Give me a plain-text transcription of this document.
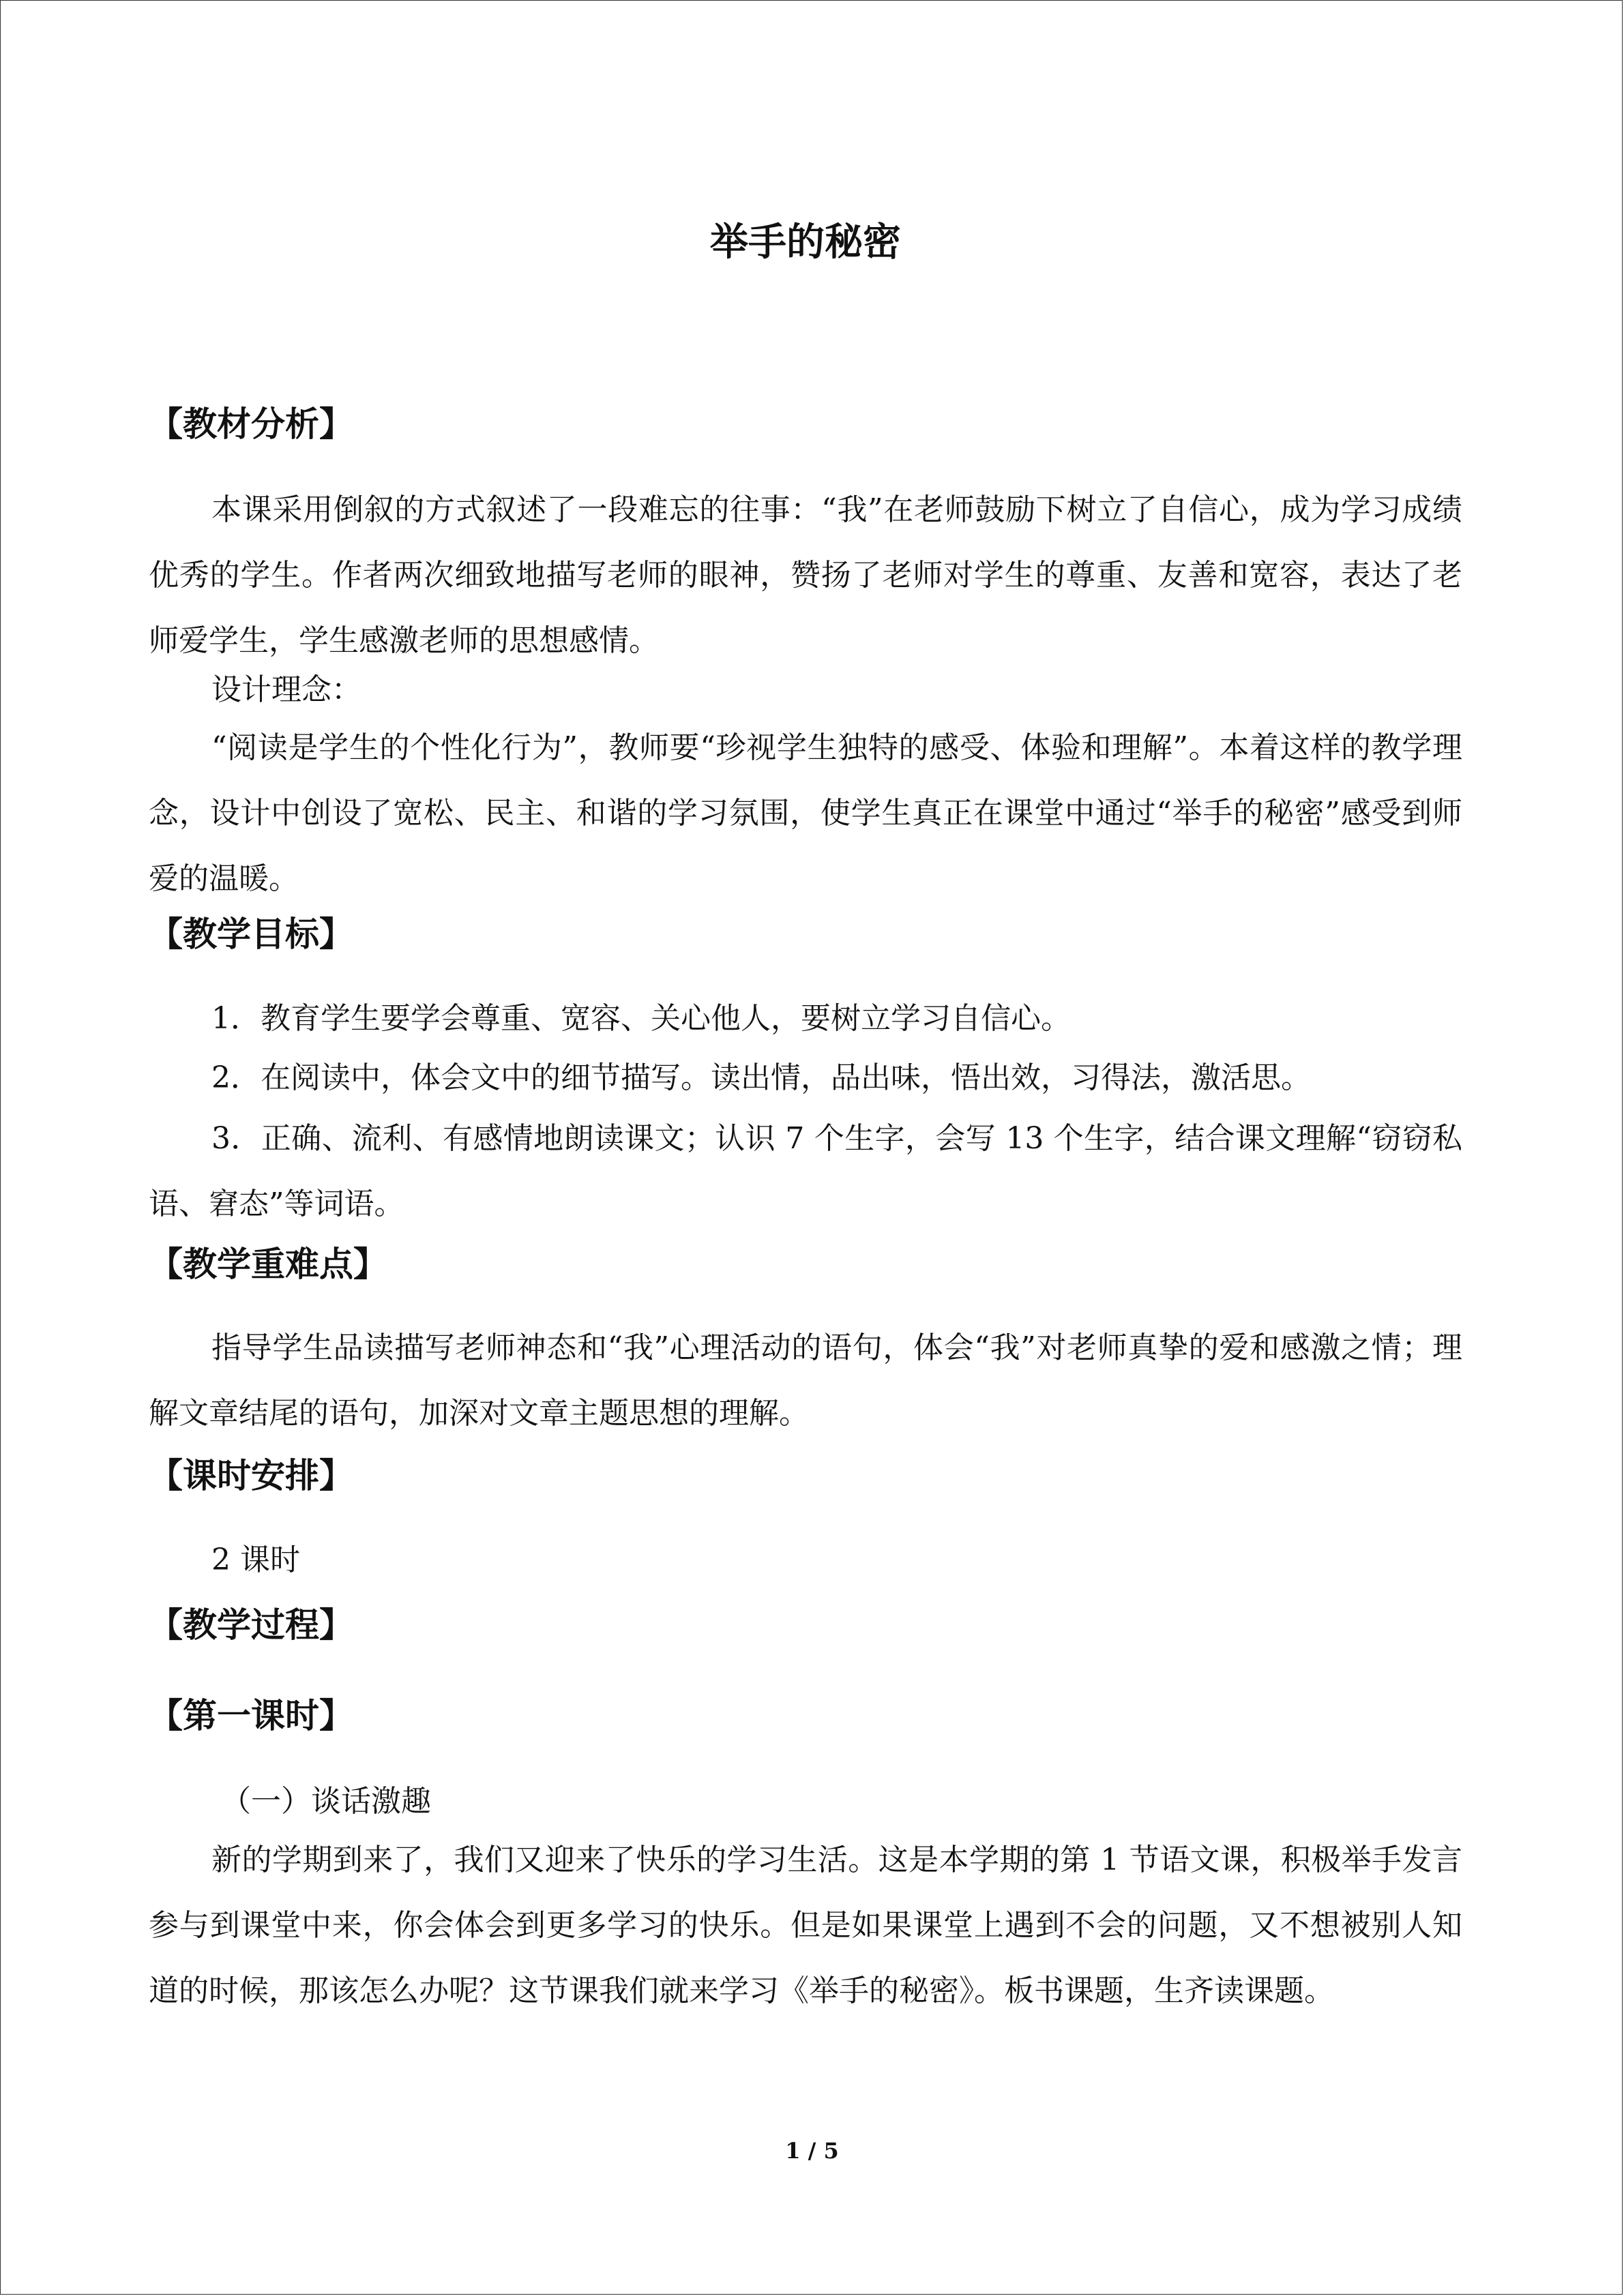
举手的秘密
【教材分析】

本课采用倒叙的方式叙述了一段难忘的往事：“我”在老师鼓励下树立了自信心，成为学习成绩优秀的学生。作者两次细致地描写老师的眼神，赞扬了老师对学生的尊重、友善和宽容，表达了老师爱学生，学生感激老师的思想感情。

设计理念：

“阅读是学生的个性化行为”，教师要“珍视学生独特的感受、体验和理解”。本着这样的教学理念，设计中创设了宽松、民主、和谐的学习氛围，使学生真正在课堂中通过“举手的秘密”感受到师爱的温暖。

【教学目标】

1．教育学生要学会尊重、宽容、关心他人，要树立学习自信心。

2．在阅读中，体会文中的细节描写。读出情，品出味，悟出效，习得法，激活思。

3．正确、流利、有感情地朗读课文；认识 7 个生字，会写 13 个生字，结合课文理解“窃窃私语、窘态”等词语。

【教学重难点】

指导学生品读描写老师神态和“我”心理活动的语句，体会“我”对老师真挚的爱和感激之情；理解文章结尾的语句，加深对文章主题思想的理解。

【课时安排】

2 课时

【教学过程】
【第一课时】

（一）谈话激趣

新的学期到来了，我们又迎来了快乐的学习生活。这是本学期的第 1 节语文课，积极举手发言参与到课堂中来，你会体会到更多学习的快乐。但是如果课堂上遇到不会的问题，又不想被别人知道的时候，那该怎么办呢？这节课我们就来学习《举手的秘密》。板书课题，生齐读课题。

1 / 5
